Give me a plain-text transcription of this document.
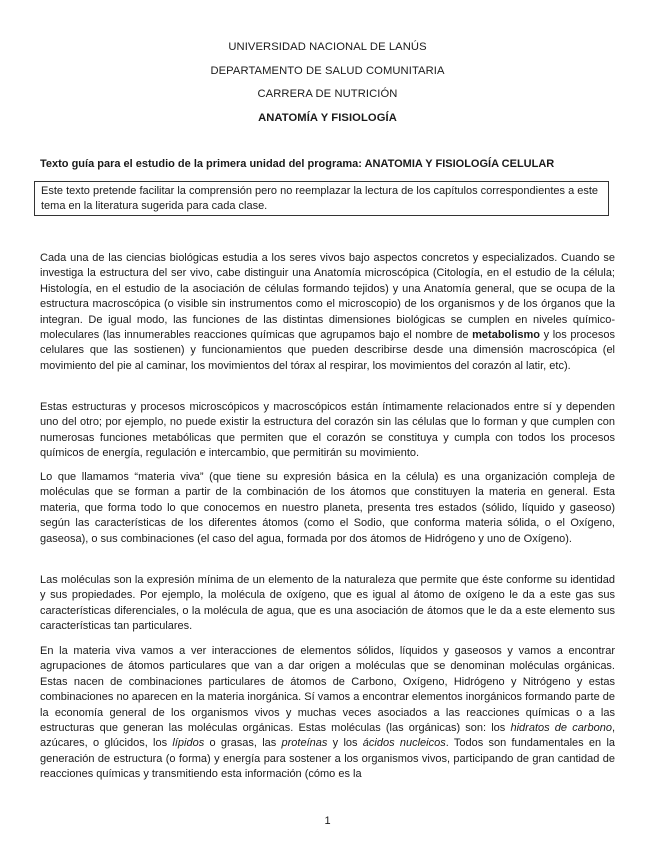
UNIVERSIDAD NACIONAL DE LANÚS
DEPARTAMENTO DE SALUD COMUNITARIA
CARRERA DE NUTRICIÓN
ANATOMÍA Y FISIOLOGÍA
Texto guía para el estudio de la primera unidad del programa: ANATOMIA Y FISIOLOGÍA CELULAR
Este texto pretende facilitar la comprensión pero no reemplazar la lectura de los capítulos correspondientes a este tema en la literatura sugerida para cada clase.

Cada una de las ciencias biológicas estudia a los seres vivos bajo aspectos concretos y especializados. Cuando se investiga la estructura del ser vivo, cabe distinguir una Anatomía microscópica (Citología, en el estudio de la célula; Histología, en el estudio de la asociación de células formando tejidos) y una Anatomía general, que se ocupa de la estructura macroscópica (o visible sin instrumentos como el microscopio) de los organismos y de los órganos que la integran. De igual modo, las funciones de las distintas dimensiones biológicas se cumplen en niveles químico-moleculares (las innumerables reacciones químicas que agrupamos bajo el nombre de metabolismo y los procesos celulares que las sostienen) y funcionamientos que pueden describirse desde una dimensión macroscópica (el movimiento del pie al caminar, los movimientos del tórax al respirar, los movimientos del corazón al latir, etc).

Estas estructuras y procesos microscópicos y macroscópicos están íntimamente relacionados entre sí y dependen uno del otro; por ejemplo, no puede existir la estructura del corazón sin las células que lo forman y que cumplen con numerosas funciones metabólicas que permiten que el corazón se constituya y cumpla con todos los procesos químicos de energía, regulación e intercambio, que permitirán su movimiento.

Lo que llamamos “materia viva” (que tiene su expresión básica en la célula) es una organización compleja de moléculas que se forman a partir de la combinación de los átomos que constituyen la materia en general. Esta materia, que forma todo lo que conocemos en nuestro planeta, presenta tres estados (sólido, líquido y gaseoso) según las características de los diferentes átomos (como el Sodio, que conforma materia sólida, o el Oxígeno, gaseosa), o sus combinaciones (el caso del agua, formada por dos átomos de Hidrógeno y uno de Oxígeno).

Las moléculas son la expresión mínima de un elemento de la naturaleza que permite que éste conforme su identidad y sus propiedades. Por ejemplo, la molécula de oxígeno, que es igual al átomo de oxígeno le da a este gas sus características diferenciales, o la molécula de agua, que es una asociación de átomos que le da a este elemento sus características tan particulares.

En la materia viva vamos a ver interacciones de elementos sólidos, líquidos y gaseosos y vamos a encontrar agrupaciones de átomos particulares que van a dar origen a moléculas que se denominan moléculas orgánicas. Estas nacen de combinaciones particulares de átomos de Carbono, Oxígeno, Hidrógeno y Nitrógeno y estas combinaciones no aparecen en la materia inorgánica. Sí vamos a encontrar elementos inorgánicos formando parte de la economía general de los organismos vivos y muchas veces asociados a las reacciones químicas o a las estructuras que generan las moléculas orgánicas. Estas moléculas (las orgánicas) son: los hidratos de carbono, azúcares, o glúcidos, los lípidos o grasas, las proteínas y los ácidos nucleicos. Todos son fundamentales en la generación de estructura (o forma) y energía para sostener a los organismos vivos, participando de gran cantidad de reacciones químicas y transmitiendo esta información (cómo es la

1
